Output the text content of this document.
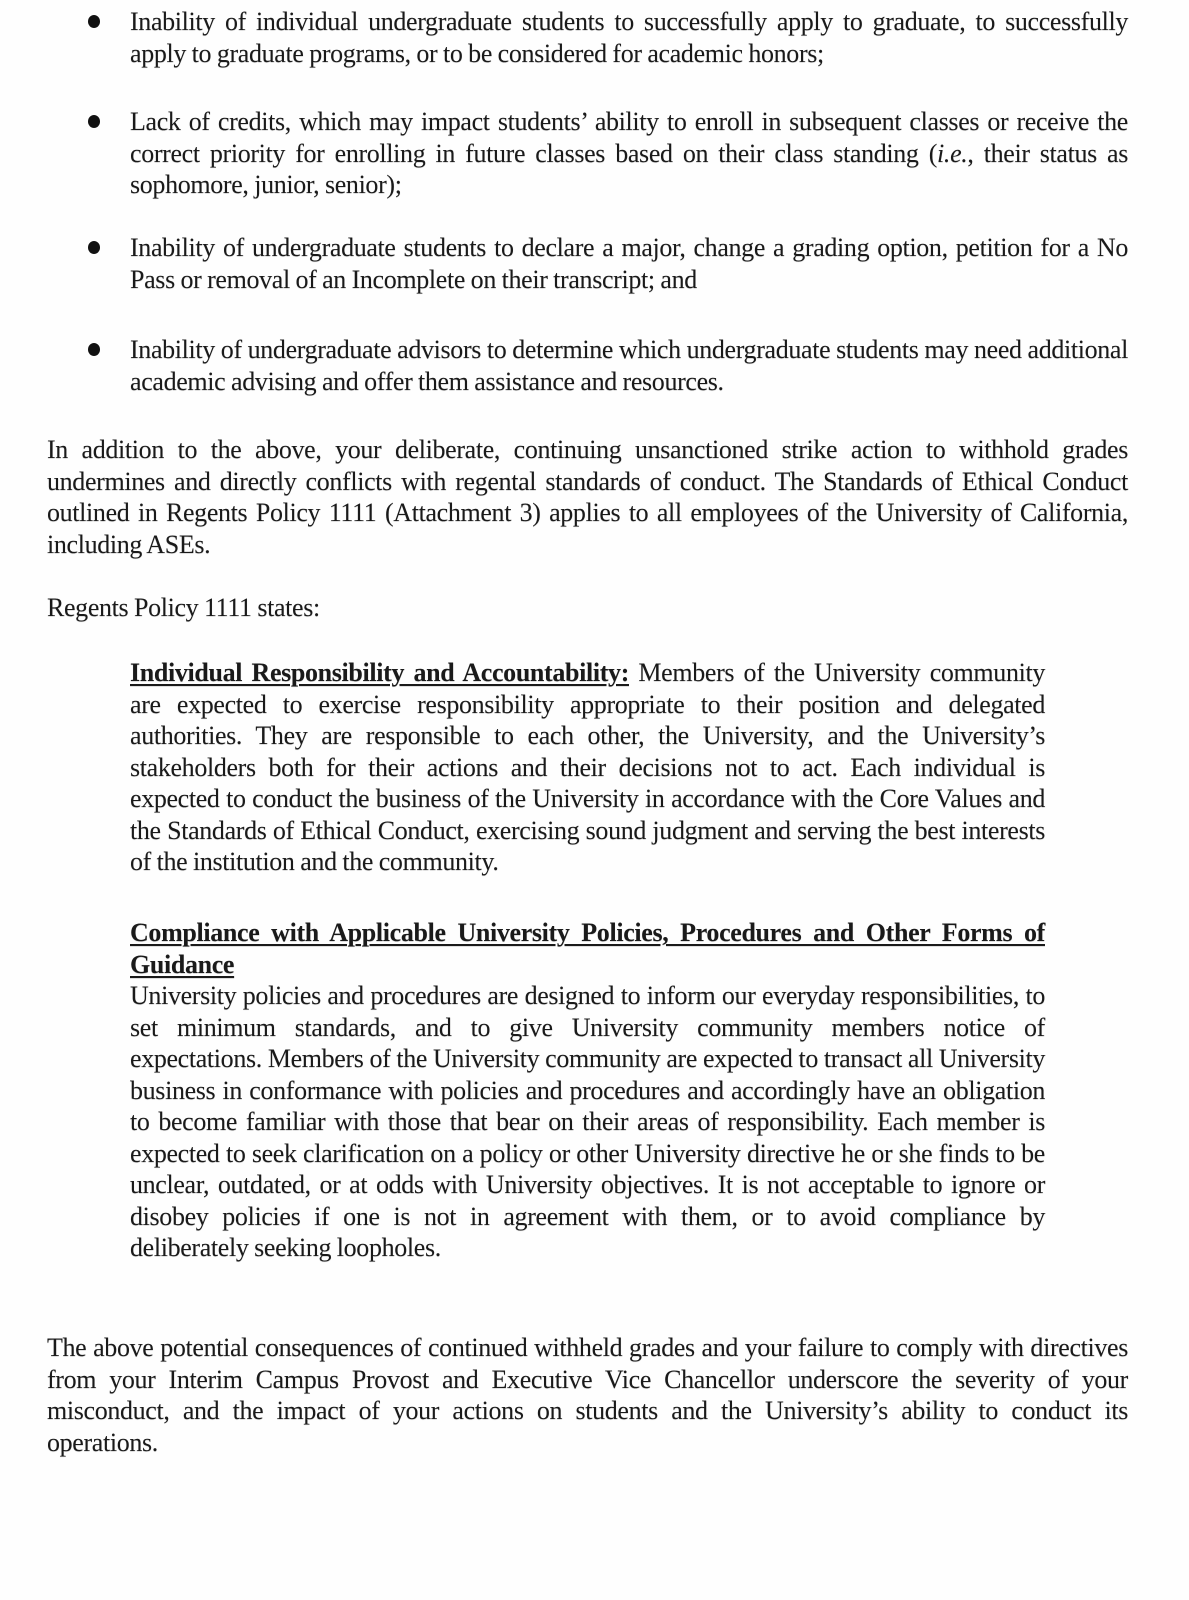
Inability of individual undergraduate students to successfully apply to graduate, to successfully apply to graduate programs, or to be considered for academic honors;
Lack of credits, which may impact students’ ability to enroll in subsequent classes or receive the correct priority for enrolling in future classes based on their class standing (i.e., their status as sophomore, junior, senior);
Inability of undergraduate students to declare a major, change a grading option, petition for a No Pass or removal of an Incomplete on their transcript; and
Inability of undergraduate advisors to determine which undergraduate students may need additional academic advising and offer them assistance and resources.

In addition to the above, your deliberate, continuing unsanctioned strike action to withhold grades undermines and directly conflicts with regental standards of conduct. The Standards of Ethical Conduct outlined in Regents Policy 1111 (Attachment 3) applies to all employees of the University of California, including ASEs.

Regents Policy 1111 states:

Individual Responsibility and Accountability: Members of the University community are expected to exercise responsibility appropriate to their position and delegated authorities. They are responsible to each other, the University, and the University’s stakeholders both for their actions and their decisions not to act. Each individual is expected to conduct the business of the University in accordance with the Core Values and the Standards of Ethical Conduct, exercising sound judgment and serving the best interests of the institution and the community.
Compliance with Applicable University Policies, Procedures and Other Forms of Guidance
University policies and procedures are designed to inform our everyday responsibilities, to set minimum standards, and to give University community members notice of expectations. Members of the University community are expected to transact all University business in conformance with policies and procedures and accordingly have an obligation to become familiar with those that bear on their areas of responsibility. Each member is expected to seek clarification on a policy or other University directive he or she finds to be unclear, outdated, or at odds with University objectives. It is not acceptable to ignore or disobey policies if one is not in agreement with them, or to avoid compliance by deliberately seeking loopholes.

The above potential consequences of continued withheld grades and your failure to comply with directives from your Interim Campus Provost and Executive Vice Chancellor underscore the severity of your misconduct, and the impact of your actions on students and the University’s ability to conduct its operations.
